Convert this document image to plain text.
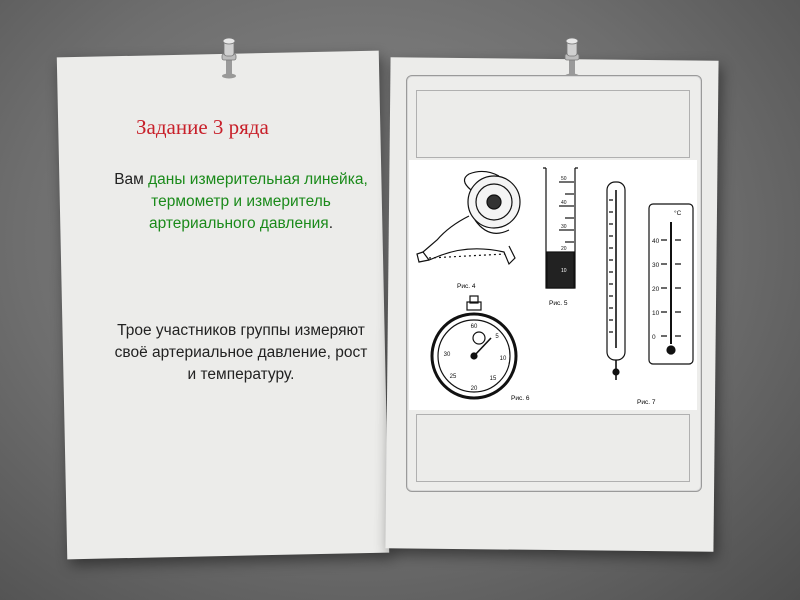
Задание 3 ряда
Вам даны измерительная линейка, термометр и измеритель артериального давления.
Трое участников группы измеряют своё артериальное давление, рост и температуру.
Рис. 4
50
40
30
20
10
Рис. 5
°C
40
30
20
10
0
Рис. 7
60
5
10
15
20
25
30
Рис. 6
